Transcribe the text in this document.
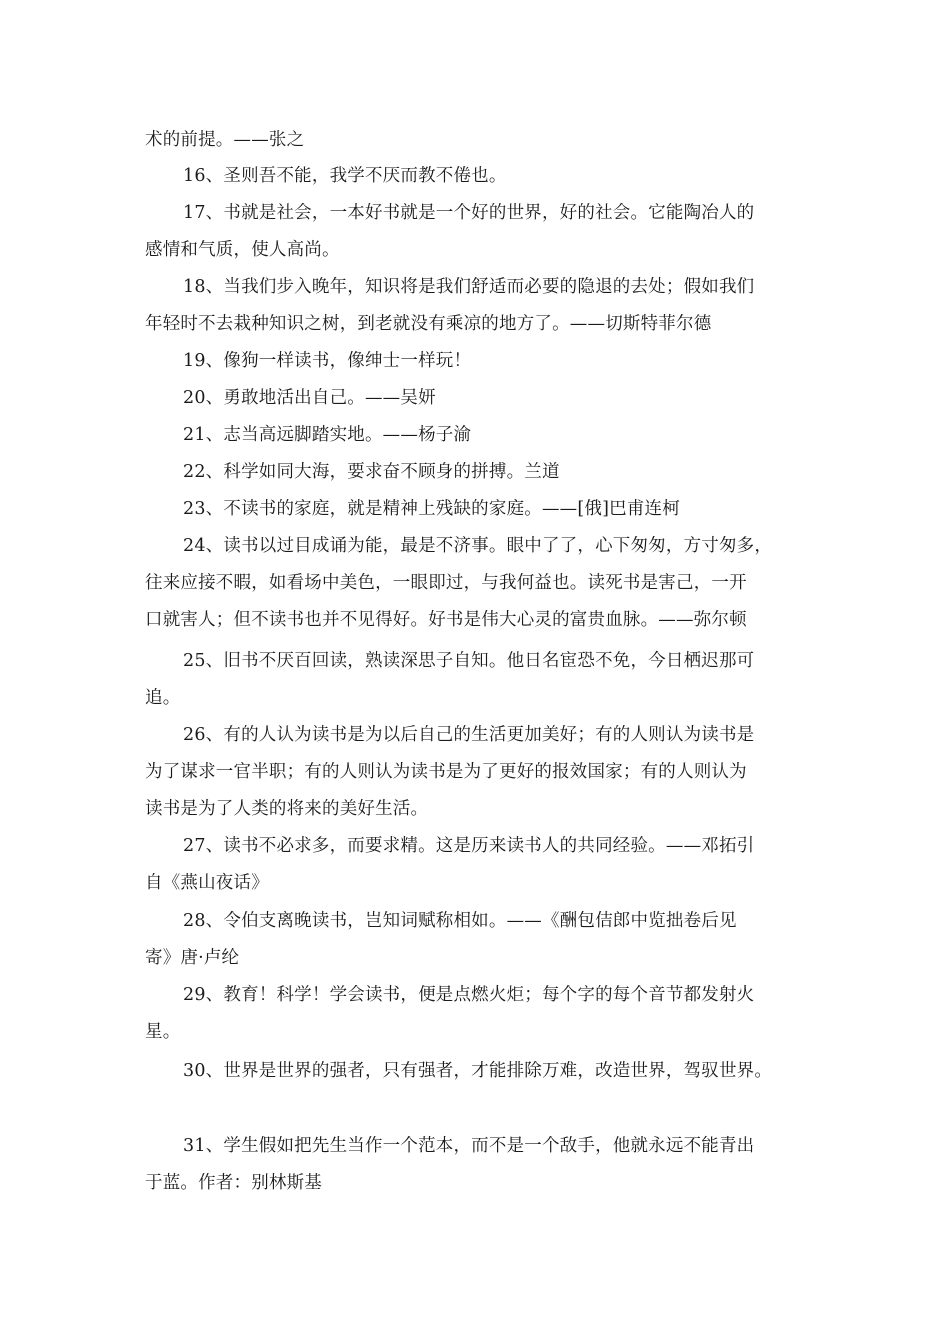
术的前提。——张之

16、圣则吾不能，我学不厌而教不倦也。

17、书就是社会，一本好书就是一个好的世界，好的社会。它能陶冶人的
感情和气质，使人高尚。

18、当我们步入晚年，知识将是我们舒适而必要的隐退的去处；假如我们
年轻时不去栽种知识之树，到老就没有乘凉的地方了。——切斯特菲尔德

19、像狗一样读书，像绅士一样玩！

20、勇敢地活出自己。——吴妍

21、志当高远脚踏实地。——杨子渝

22、科学如同大海，要求奋不顾身的拼搏。兰道

23、不读书的家庭，就是精神上残缺的家庭。——[俄]巴甫连柯

24、读书以过目成诵为能，最是不济事。眼中了了，心下匆匆，方寸匆多，
往来应接不暇，如看场中美色，一眼即过，与我何益也。读死书是害己，一开
口就害人；但不读书也并不见得好。好书是伟大心灵的富贵血脉。——弥尔顿

25、旧书不厌百回读，熟读深思子自知。他日名宦恐不免，今日栖迟那可
追。

26、有的人认为读书是为以后自己的生活更加美好；有的人则认为读书是
为了谋求一官半职；有的人则认为读书是为了更好的报效国家；有的人则认为
读书是为了人类的将来的美好生活。

27、读书不必求多，而要求精。这是历来读书人的共同经验。——邓拓引
自《燕山夜话》

28、令伯支离晚读书，岂知词赋称相如。——《酬包佶郎中览拙卷后见
寄》唐·卢纶

29、教育！科学！学会读书，便是点燃火炬；每个字的每个音节都发射火
星。

30、世界是世界的强者，只有强者，才能排除万难，改造世界，驾驭世界。

31、学生假如把先生当作一个范本，而不是一个敌手，他就永远不能青出
于蓝。作者：别林斯基
